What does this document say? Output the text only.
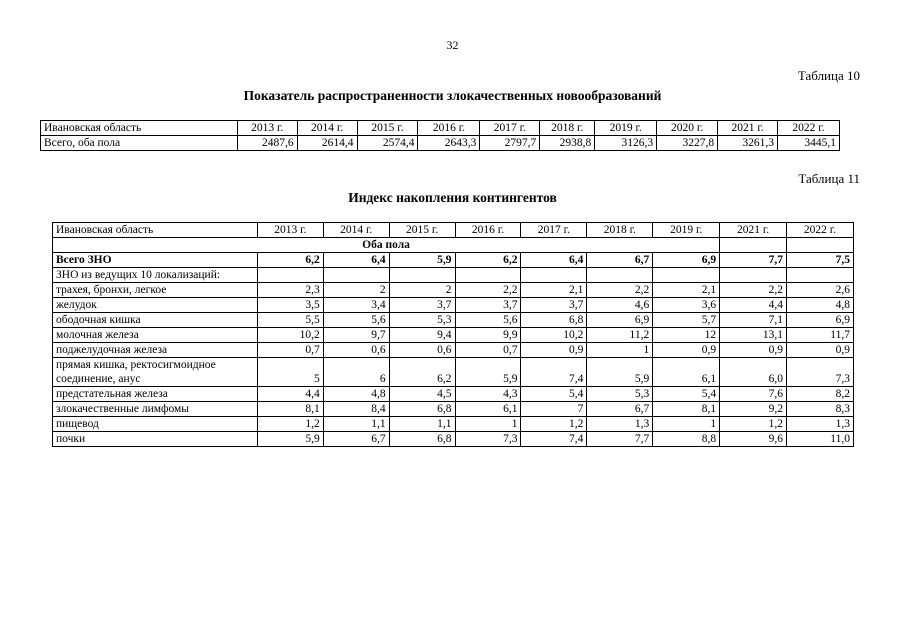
32
Таблица 10
Показатель распространенности злокачественных новообразований
Ивановская область	2013 г.	2014 г.	2015 г.	2016 г.	2017 г.	2018 г.	2019 г.	2020 г.	2021 г.	2022 г.
Всего, оба пола	2487,6	2614,4	2574,4	2643,3	2797,7	2938,8	3126,3	3227,8	3261,3	3445,1
Таблица 11
Индекс накопления контингентов
Ивановская область	2013 г.	2014 г.	2015 г.	2016 г.	2017 г.	2018 г.	2019 г.	2021 г.	2022 г.
Оба пола									
Всего ЗНО	6,2	6,4	5,9	6,2	6,4	6,7	6,9	7,7	7,5
ЗНО из ведущих 10 локализаций:									
трахея, бронхи, легкое	2,3	2	2	2,2	2,1	2,2	2,1	2,2	2,6
желудок	3,5	3,4	3,7	3,7	3,7	4,6	3,6	4,4	4,8
ободочная кишка	5,5	5,6	5,3	5,6	6,8	6,9	5,7	7,1	6,9
молочная железа	10,2	9,7	9,4	9,9	10,2	11,2	12	13,1	11,7
поджелудочная железа	0,7	0,6	0,6	0,7	0,9	1	0,9	0,9	0,9
прямая кишка, ректосигмоидное соединение, анус	5	6	6,2	5,9	7,4	5,9	6,1	6,0	7,3
предстательная железа	4,4	4,8	4,5	4,3	5,4	5,3	5,4	7,6	8,2
злокачественные лимфомы	8,1	8,4	6,8	6,1	7	6,7	8,1	9,2	8,3
пищевод	1,2	1,1	1,1	1	1,2	1,3	1	1,2	1,3
почки	5,9	6,7	6,8	7,3	7,4	7,7	8,8	9,6	11,0
